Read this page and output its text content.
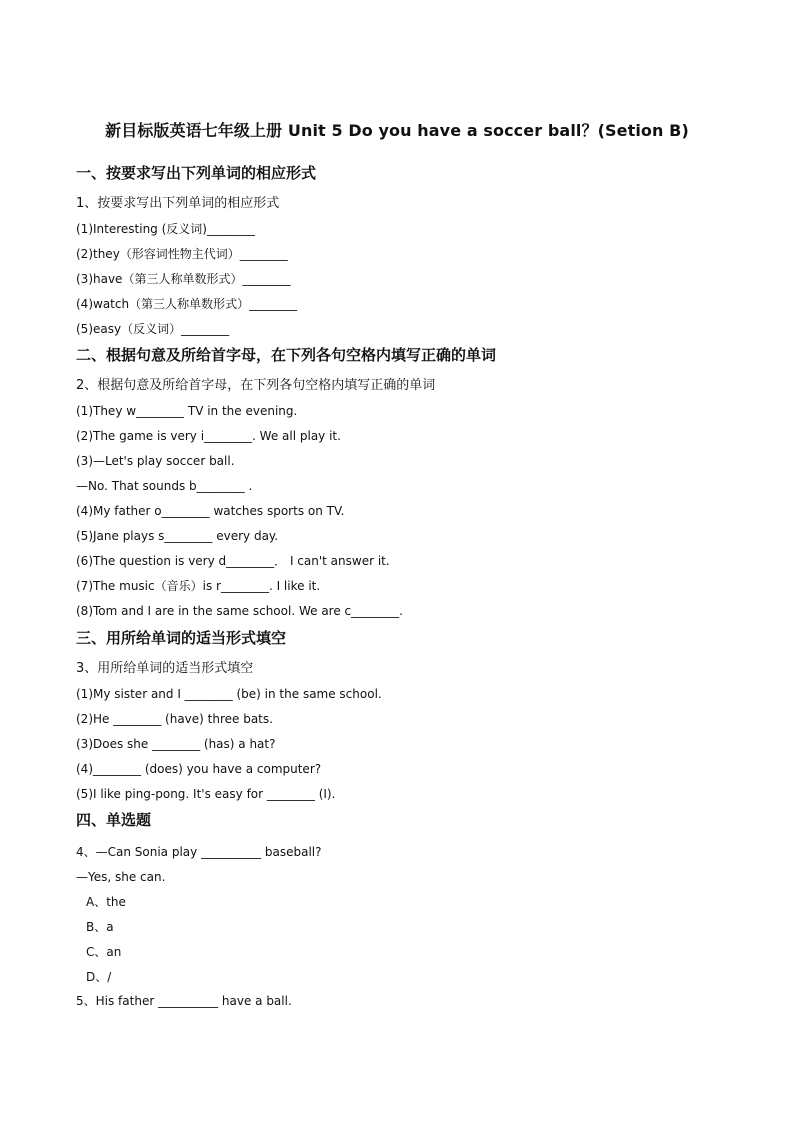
新目标版英语七年级上册 Unit 5 Do you have a soccer ball？(Setion B)
一、按要求写出下列单词的相应形式
1、按要求写出下列单词的相应形式
(1)Interesting (反义词)________
(2)they（形容词性物主代词）________
(3)have（第三人称单数形式）________
(4)watch（第三人称单数形式）________
(5)easy（反义词）________
二、根据句意及所给首字母，在下列各句空格内填写正确的单词
2、根据句意及所给首字母，在下列各句空格内填写正确的单词
(1)They w________ TV in the evening.
(2)The game is very i________. We all play it.
(3)—Let's play soccer ball.
—No. That sounds b________ .
(4)My father o________ watches sports on TV.
(5)Jane plays s________ every day.
(6)The question is very d________． I can't answer it.
(7)The music（音乐）is r________. I like it.
(8)Tom and I are in the same school. We are c________.
三、用所给单词的适当形式填空
3、用所给单词的适当形式填空
(1)My sister and I ________ (be) in the same school.
(2)He ________ (have) three bats.
(3)Does she ________ (has) a hat?
(4)________ (does) you have a computer?
(5)I like ping-pong. It's easy for ________ (I).
四、单选题
4、—Can Sonia play __________ baseball?
—Yes, she can.
A、the
B、a
C、an
D、/
5、His father __________ have a ball.
